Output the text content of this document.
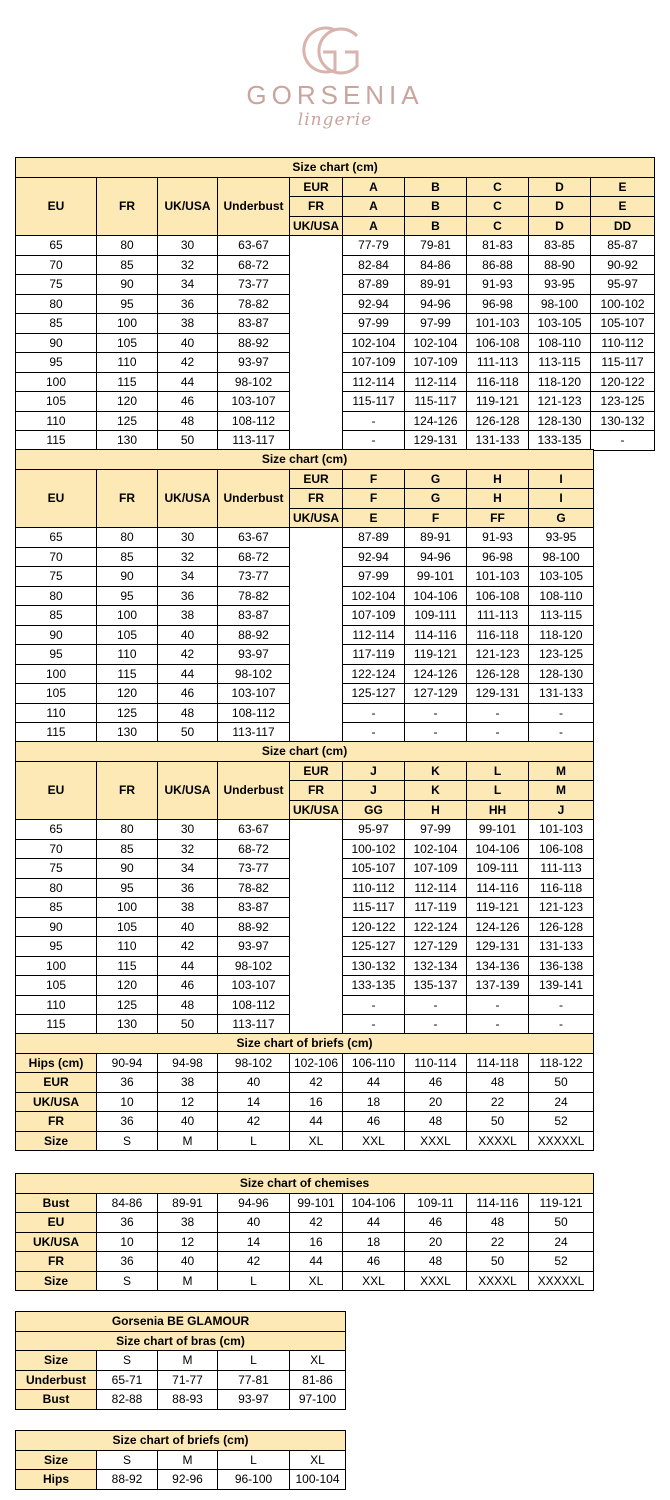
GORSENIA
lingerie
Size chart (cm)									
EU	FR	UK/USA	Underbust	EUR	A	B	C	D	E
				FR	A	B	C	D	E
				UK/USA	A	B	C	D	DD
65	80	30	63-67		77-79	79-81	81-83	83-85	85-87
70	85	32	68-72		82-84	84-86	86-88	88-90	90-92
75	90	34	73-77		87-89	89-91	91-93	93-95	95-97
80	95	36	78-82		92-94	94-96	96-98	98-100	100-102
85	100	38	83-87		97-99	97-99	101-103	103-105	105-107
90	105	40	88-92		102-104	102-104	106-108	108-110	110-112
95	110	42	93-97		107-109	107-109	111-113	113-115	115-117
100	115	44	98-102		112-114	112-114	116-118	118-120	120-122
105	120	46	103-107		115-117	115-117	119-121	121-123	123-125
110	125	48	108-112		-	124-126	126-128	128-130	130-132
115	130	50	113-117		-	129-131	131-133	133-135	-
Size chart (cm)								
EU	FR	UK/USA	Underbust	EUR	F	G	H	I
				FR	F	G	H	I
				UK/USA	E	F	FF	G
65	80	30	63-67		87-89	89-91	91-93	93-95
70	85	32	68-72		92-94	94-96	96-98	98-100
75	90	34	73-77		97-99	99-101	101-103	103-105
80	95	36	78-82		102-104	104-106	106-108	108-110
85	100	38	83-87		107-109	109-111	111-113	113-115
90	105	40	88-92		112-114	114-116	116-118	118-120
95	110	42	93-97		117-119	119-121	121-123	123-125
100	115	44	98-102		122-124	124-126	126-128	128-130
105	120	46	103-107		125-127	127-129	129-131	131-133
110	125	48	108-112		-	-	-	-
115	130	50	113-117		-	-	-	-
Size chart (cm)								
EU	FR	UK/USA	Underbust	EUR	J	K	L	M
				FR	J	K	L	M
				UK/USA	GG	H	HH	J
65	80	30	63-67		95-97	97-99	99-101	101-103
70	85	32	68-72		100-102	102-104	104-106	106-108
75	90	34	73-77		105-107	107-109	109-111	111-113
80	95	36	78-82		110-112	112-114	114-116	116-118
85	100	38	83-87		115-117	117-119	119-121	121-123
90	105	40	88-92		120-122	122-124	124-126	126-128
95	110	42	93-97		125-127	127-129	129-131	131-133
100	115	44	98-102		130-132	132-134	134-136	136-138
105	120	46	103-107		133-135	135-137	137-139	139-141
110	125	48	108-112		-	-	-	-
115	130	50	113-117		-	-	-	-
Size chart of briefs (cm)								
Hips (cm)	90-94	94-98	98-102	102-106	106-110	110-114	114-118	118-122
EUR	36	38	40	42	44	46	48	50
UK/USA	10	12	14	16	18	20	22	24
FR	36	40	42	44	46	48	50	52
Size	S	M	L	XL	XXL	XXXL	XXXXL	XXXXXL
Size chart of chemises								
Bust	84-86	89-91	94-96	99-101	104-106	109-11	114-116	119-121
EU	36	38	40	42	44	46	48	50
UK/USA	10	12	14	16	18	20	22	24
FR	36	40	42	44	46	48	50	52
Size	S	M	L	XL	XXL	XXXL	XXXXL	XXXXXL
Gorsenia BE GLAMOUR				
Size chart of bras (cm)				
Size	S	M	L	XL
Underbust	65-71	71-77	77-81	81-86
Bust	82-88	88-93	93-97	97-100
Size chart of briefs (cm)				
Size	S	M	L	XL
Hips	88-92	92-96	96-100	100-104
